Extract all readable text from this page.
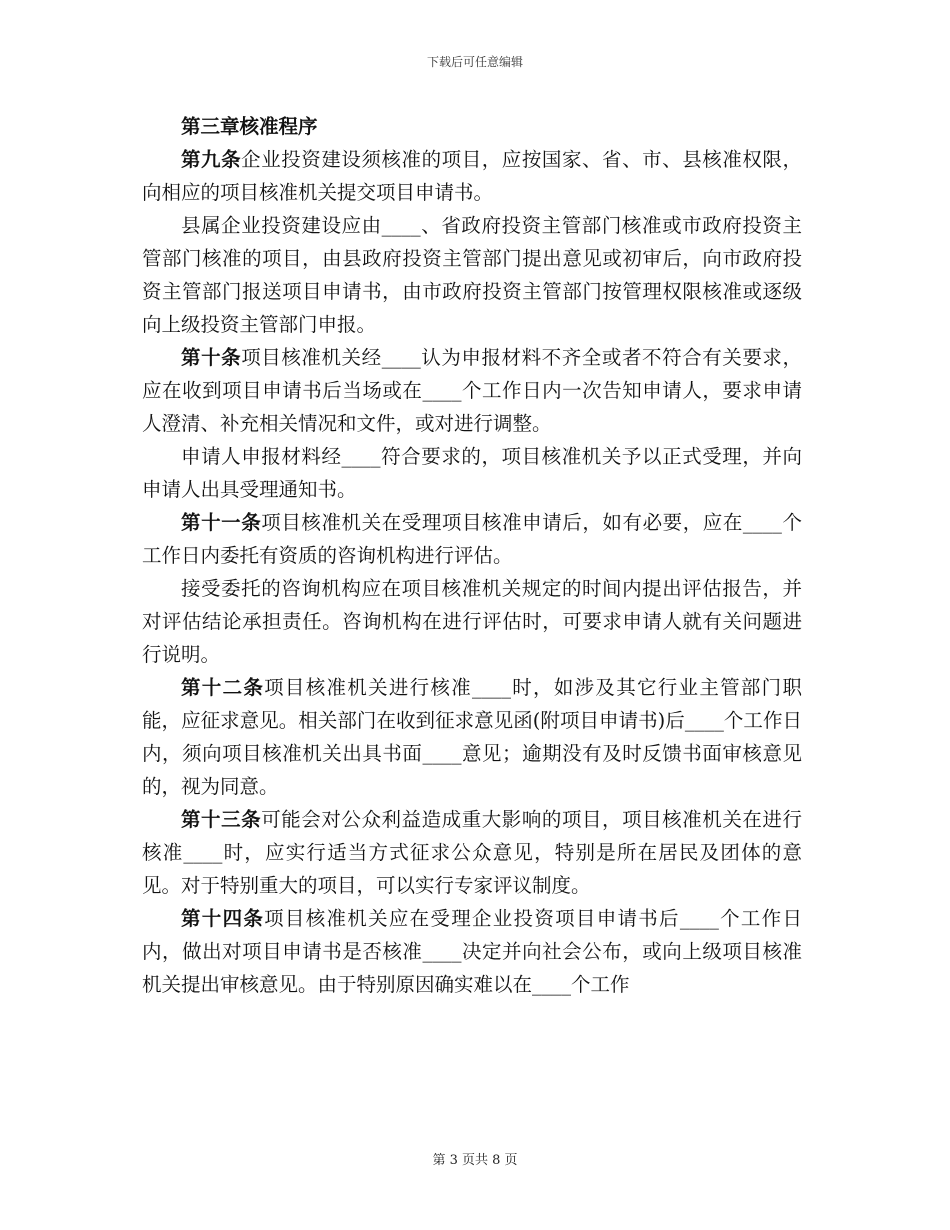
下载后可任意编辑

第三章核准程序

第九条企业投资建设须核准的项目，应按国家、省、市、县核准权限，向相应的项目核准机关提交项目申请书。

县属企业投资建设应由____、省政府投资主管部门核准或市政府投资主管部门核准的项目，由县政府投资主管部门提出意见或初审后，向市政府投资主管部门报送项目申请书，由市政府投资主管部门按管理权限核准或逐级向上级投资主管部门申报。

第十条项目核准机关经____认为申报材料不齐全或者不符合有关要求，应在收到项目申请书后当场或在____个工作日内一次告知申请人，要求申请人澄清、补充相关情况和文件，或对进行调整。

申请人申报材料经____符合要求的，项目核准机关予以正式受理，并向申请人出具受理通知书。

第十一条项目核准机关在受理项目核准申请后，如有必要，应在____个工作日内委托有资质的咨询机构进行评估。

接受委托的咨询机构应在项目核准机关规定的时间内提出评估报告，并对评估结论承担责任。咨询机构在进行评估时，可要求申请人就有关问题进行说明。

第十二条项目核准机关进行核准____时，如涉及其它行业主管部门职能，应征求意见。相关部门在收到征求意见函(附项目申请书)后____个工作日内，须向项目核准机关出具书面____意见；逾期没有及时反馈书面审核意见的，视为同意。

第十三条可能会对公众利益造成重大影响的项目，项目核准机关在进行核准____时，应实行适当方式征求公众意见，特别是所在居民及团体的意见。对于特别重大的项目，可以实行专家评议制度。

第十四条项目核准机关应在受理企业投资项目申请书后____个工作日内，做出对项目申请书是否核准____决定并向社会公布，或向上级项目核准机关提出审核意见。由于特别原因确实难以在____个工作

第 3 页共 8 页
